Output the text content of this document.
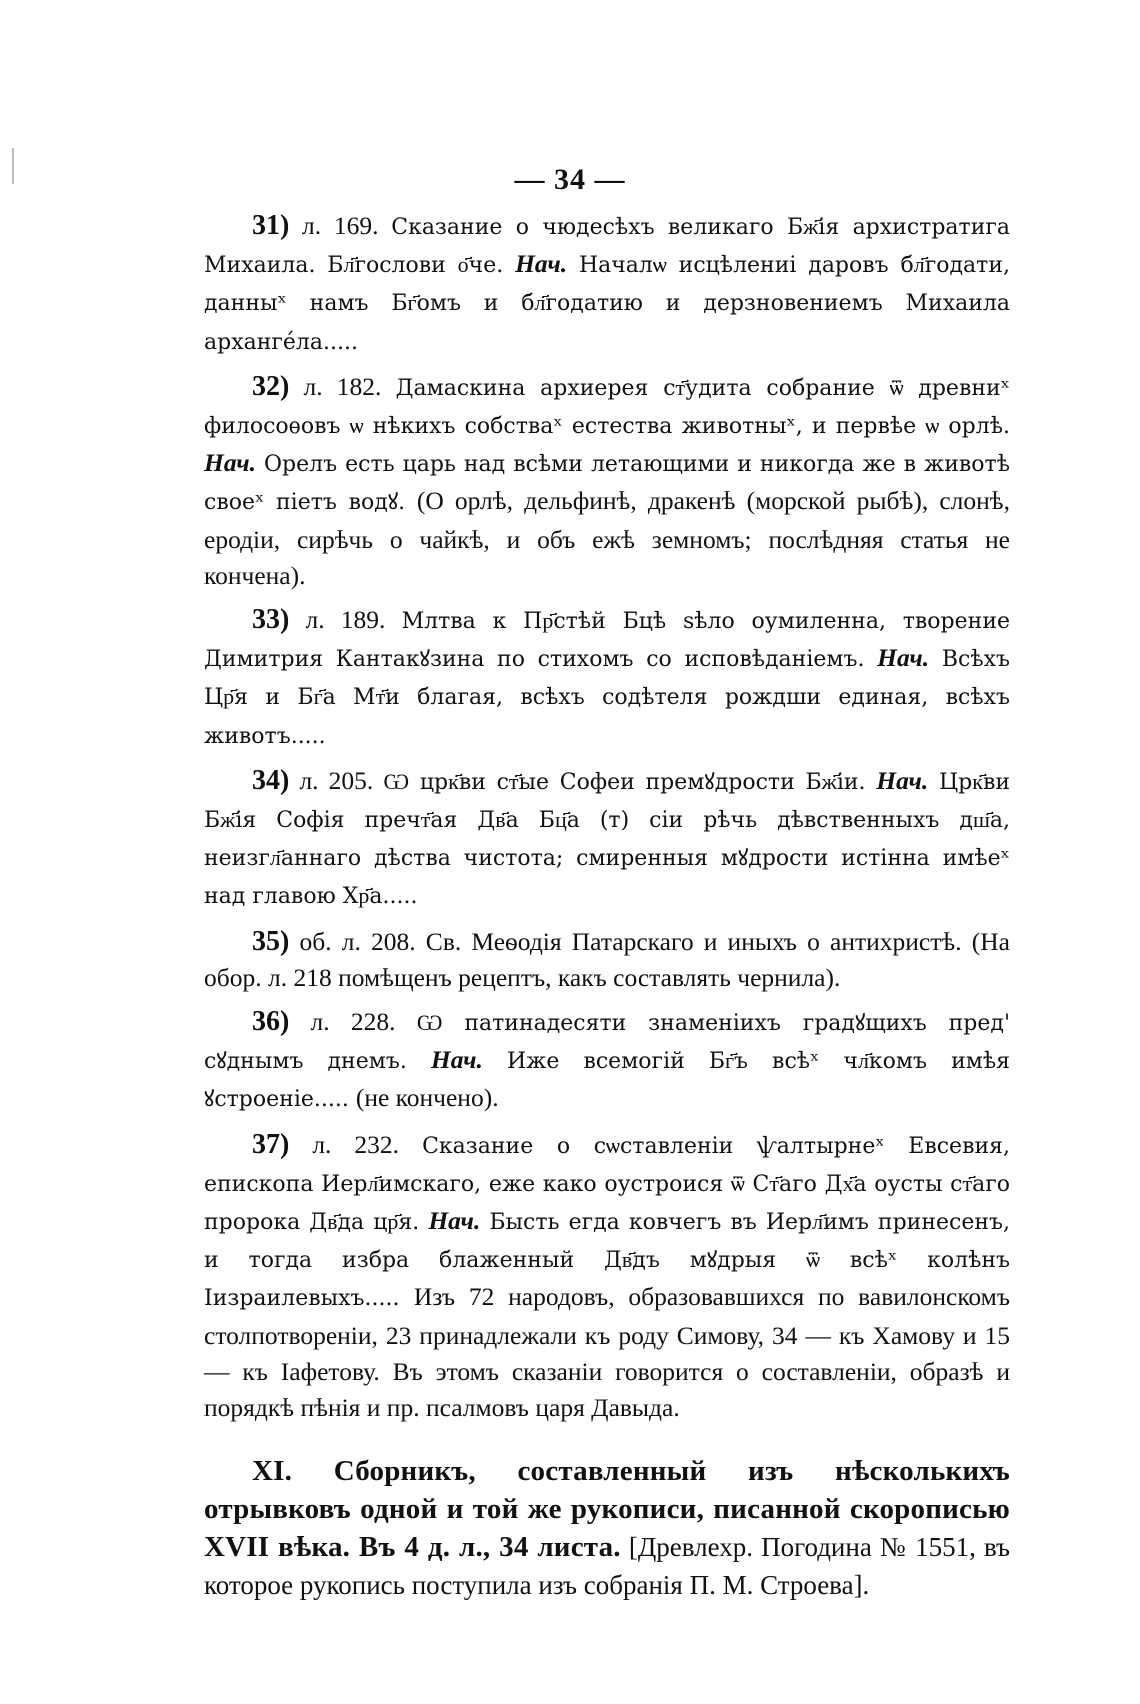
— 34 —

31) л. 169. Сказание о чюдесѣхъ великаго Бж҃ія архистратига Михаила. Бл҃гослови о҃че. Нач. Началѡ исцѣлениі даровъ бл҃годати, данныˣ намъ Бг҃омъ и бл҃годатию и дерзновениемъ Михаила арханге́ла.....

32) л. 182. Дамаскина архиерея ст҃удита собрание ѿ древниˣ филосоѳовъ ѡ нѣкихъ собстваˣ естества животныˣ, и первѣе ѡ орлѣ. Нач. Орелъ есть царь над всѣми летающими и никогда же в животѣ своеˣ пiетъ водꙋ. (О орлѣ, дельфинѣ, дракенѣ (морской рыбѣ), слонѣ, еродiи, сирѣчь о чайкѣ, и объ ежѣ земномъ; послѣдняя статья не кончена).

33) л. 189. Млтва к Пр҃стѣй Бцѣ ѕѣло оумиленна, творение Димитрия Кантакꙋзина по стихомъ со исповѣданiемъ. Нач. Всѣхъ Цр҃я и Бг҃а Мт҃и благая, всѣхъ содѣтеля рождши единая, всѣхъ животъ.....

34) л. 205. Ѡ црк҃ви ст҃ые Софеи премꙋдрости Бж҃iи. Нач. Црк҃ви Бж҃iя Софiя пречт҃ая Дв҃а Бц҃а (т) сiи рѣчь дѣвственныхъ дш҃а, неизгл҃аннаго дѣства чистота; смиренныя мꙋдрости истiнна имѣеˣ над главою Хр҃а.....

35) об. л. 208. Св. Меѳодiя Патарскаго и иныхъ о антихристѣ. (На обор. л. 218 помѣщенъ рецептъ, какъ составлять чернила).

36) л. 228. Ѡ патинадесяти знаменiихъ градꙋщихъ пред' сꙋднымъ днемъ. Нач. Иже всемогiй Бг҃ъ всѣˣ чл҃комъ имѣя ꙋстроенiе..... (не кончено).

37) л. 232. Сказание о сѡставленiи ѱалтырнеˣ Евсевия, епископа Иерл҃имскаго, еже како оустроися ѿ Ст҃аго Дх҃а оусты ст҃аго пророка Дв҃да цр҃я. Нач. Бысть егда ковчегъ въ Иерл҃имъ принесенъ, и тогда избра блаженный Дв҃дъ мꙋдрыя ѿ всѣˣ колѣнъ Iизраилевыхъ..... Изъ 72 народовъ, образовавшихся по вавилонскомъ столпотворенiи, 23 принадлежали къ роду Симову, 34 — къ Хамову и 15 — къ Iафетову. Въ этомъ сказанiи говорится о составленiи, образѣ и порядкѣ пѣнiя и пр. псалмовъ царя Давыда.

XI. Сборникъ, составленный изъ нѣсколькихъ отрывковъ одной и той же рукописи, писанной скорописью XVII вѣка. Въ 4 д. л., 34 листа. [Древлехр. Погодина № 1551, въ которое рукопись поступила изъ собранiя П. М. Строева].
